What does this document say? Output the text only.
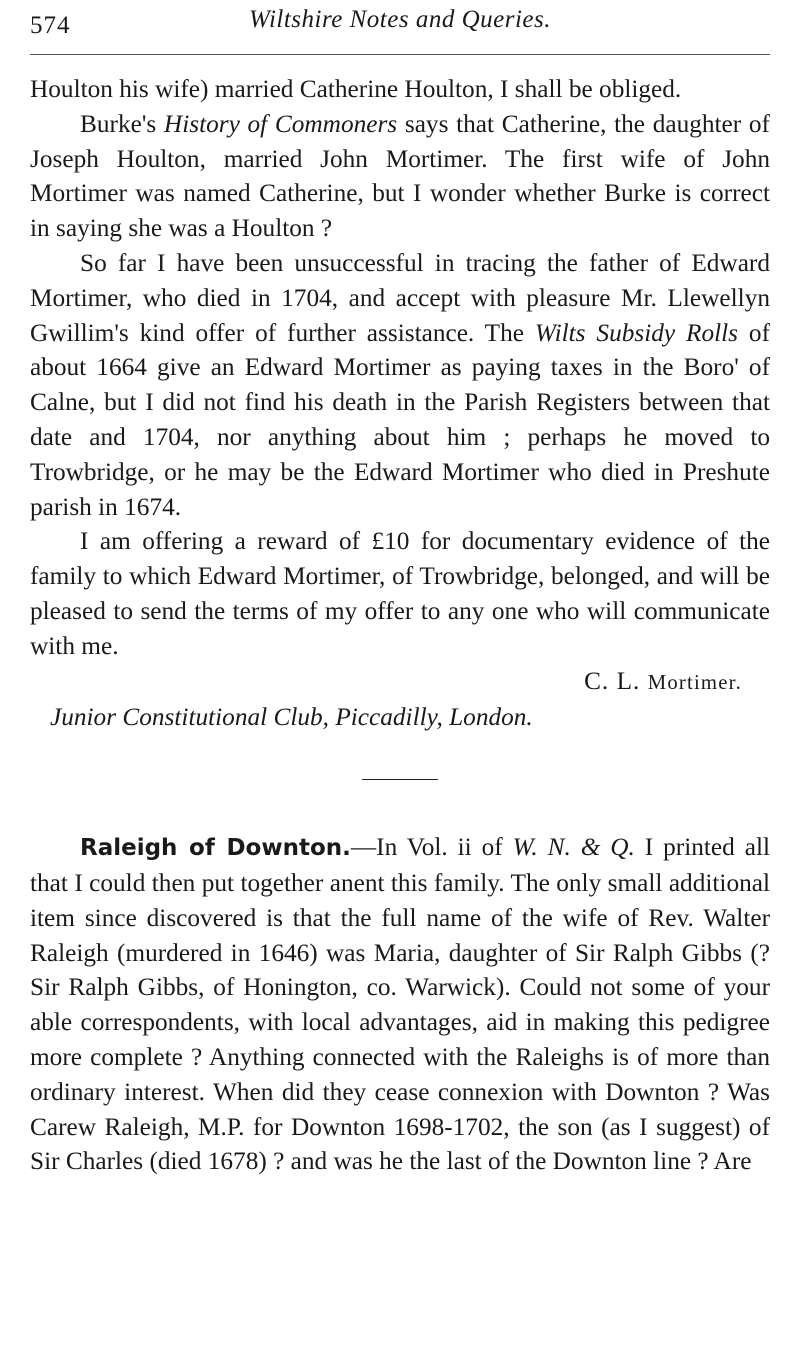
574	Wiltshire Notes and Queries.

Houlton his wife) married Catherine Houlton, I shall be obliged.

Burke's History of Commoners says that Catherine, the daughter of Joseph Houlton, married John Mortimer. The first wife of John Mortimer was named Catherine, but I wonder whether Burke is correct in saying she was a Houlton ?

So far I have been unsuccessful in tracing the father of Edward Mortimer, who died in 1704, and accept with pleasure Mr. Llewellyn Gwillim's kind offer of further assistance. The Wilts Subsidy Rolls of about 1664 give an Edward Mortimer as paying taxes in the Boro' of Calne, but I did not find his death in the Parish Registers between that date and 1704, nor anything about him ; perhaps he moved to Trowbridge, or he may be the Edward Mortimer who died in Preshute parish in 1674.

I am offering a reward of £10 for documentary evidence of the family to which Edward Mortimer, of Trowbridge, belonged, and will be pleased to send the terms of my offer to any one who will communicate with me.

C. L. Mortimer.

Junior Constitutional Club, Piccadilly, London.

Raleigh of Downton.—In Vol. ii of W. N. & Q. I printed all that I could then put together anent this family. The only small additional item since discovered is that the full name of the wife of Rev. Walter Raleigh (murdered in 1646) was Maria, daughter of Sir Ralph Gibbs (? Sir Ralph Gibbs, of Honington, co. Warwick). Could not some of your able correspondents, with local advantages, aid in making this pedigree more complete ? Anything connected with the Raleighs is of more than ordinary interest. When did they cease connexion with Downton ? Was Carew Raleigh, M.P. for Downton 1698-1702, the son (as I suggest) of Sir Charles (died 1678) ? and was he the last of the Downton line ? Are
